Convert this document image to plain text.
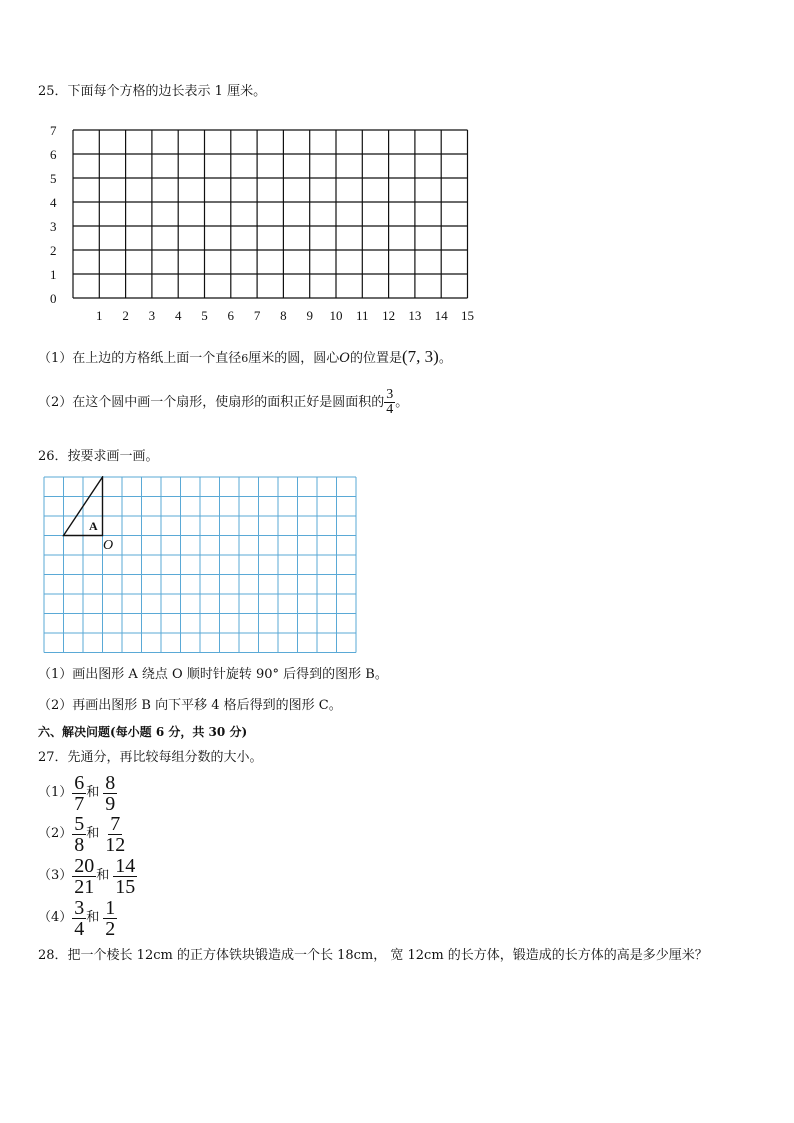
25．下面每个方格的边长表示 1 厘米。
7
6
5
4
3
2
1
0
1 2 3 4 5 6 7 8 9 10 11 12 13 14 15
（1）在上边的方格纸上面一个直径6厘米的圆，圆心O的位置是(7, 3)。
（2）在这个圆中画一个扇形，使扇形的面积正好是圆面积的 $\frac{3}{4}$ 。
26．按要求画一画。
A
O
（1）画出图形 A 绕点 O 顺时针旋转 90° 后得到的图形 B。
（2）再画出图形 B 向下平移 4 格后得到的图形 C。
六、解决问题(每小题 6 分，共 30 分)
27．先通分，再比较每组分数的大小。
$(1) \frac{6}{7}$ 和 $\frac{8}{9}$
$(2) \frac{5}{8}$ 和 $\frac{7}{12}$
$(3) \frac{20}{21}$ 和 $\frac{14}{15}$
$(4) \frac{3}{4}$ 和 $\frac{1}{2}$
28．把一个棱长 12cm 的正方体铁块锻造成一个长 18cm， 宽 12cm 的长方体，锻造成的长方体的高是多少厘米？
